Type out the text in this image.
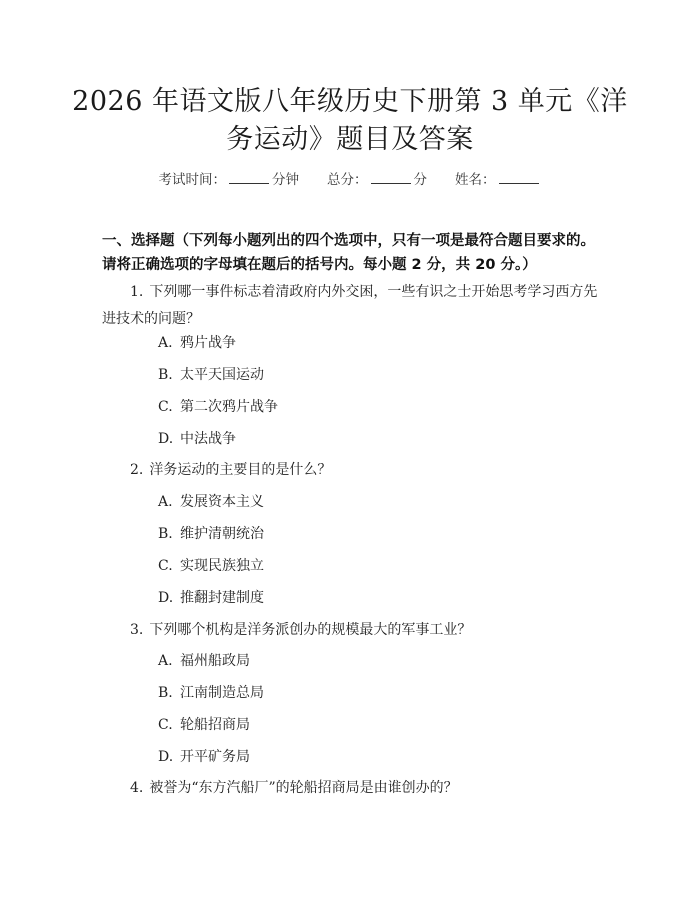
2026 年语文版八年级历史下册第 3 单元《洋
务运动》题目及答案
考试时间：	分钟 总分：	分 姓名：
一、选择题（下列每小题列出的四个选项中，只有一项是最符合题目要求的。请将正确选项的字母填在题后的括号内。每小题 2 分，共 20 分。）
1. 下列哪一事件标志着清政府内外交困，一些有识之士开始思考学习西方先进技术的问题？
A. 鸦片战争
B. 太平天国运动
C. 第二次鸦片战争
D. 中法战争
2. 洋务运动的主要目的是什么？
A. 发展资本主义
B. 维护清朝统治
C. 实现民族独立
D. 推翻封建制度
3. 下列哪个机构是洋务派创办的规模最大的军事工业？
A. 福州船政局
B. 江南制造总局
C. 轮船招商局
D. 开平矿务局
4. 被誉为“东方汽船厂”的轮船招商局是由谁创办的？
